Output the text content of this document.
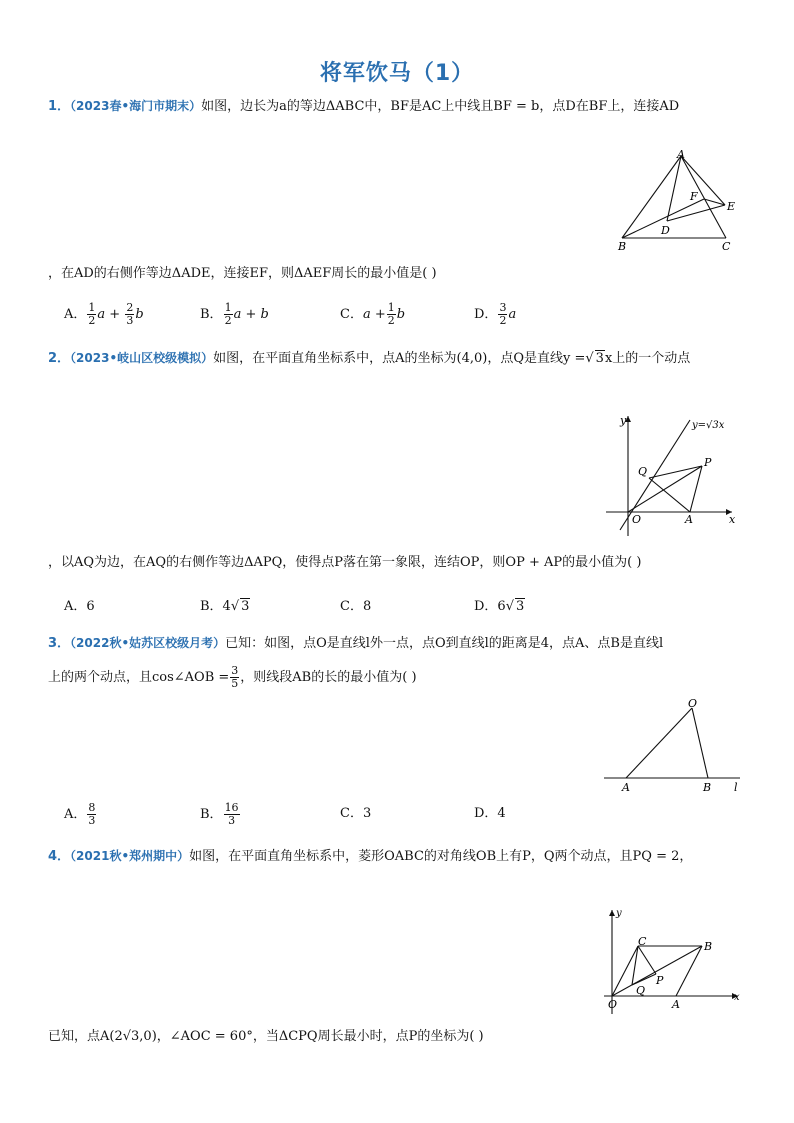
将军饮马（1）
1．（2023春•海门市期末）如图，边长为a的等边ΔABC中，BF是AC上中线且BF = b，点D在BF上，连接AD
A
F
E
D
B	C
，在AD的右侧作等边ΔADE，连接EF，则ΔAEF周长的最小值是( )
A． $\frac{1}{2}$ $a + \frac{2}{3}$ b	B． $\frac{1}{2}$ a + b	C．$a + \frac{1}{2}$ b	D． $\frac{3}{2}$ a
2．（2023•岐山区校级模拟）如图，在平面直角坐标系中，点A的坐标为(4,0)，点Q是直线y =√ 3x上的一个动点
y	y=√3x
Q
P
O	A	x
，以AQ为边，在AQ的右侧作等边ΔAPQ，使得点P落在第一象限，连结OP，则OP + AP的最小值为( )
A．6	B．4√ 3	C．8	D．6√ 3
3．（2022秋•姑苏区校级月考）已知：如图，点O是直线l外一点，点O到直线l的距离是4，点A、点B是直线l
上的两个动点，且cos∠AOB = $\frac{3}{5}$ ，则线段AB的长的最小值为( )
O
A	B l
A． $\frac{8}{3}$	B． $\frac{16}{3}$	C．3	D．4
4．（2021秋•郑州期中）如图，在平面直角坐标系中，菱形OABC的对角线OB上有P，Q两个动点，且PQ = 2，
y
C	B
Q
P
O	A
x
已知，点A(2√3,0)，∠AOC = 60°，当ΔCPQ周长最小时，点P的坐标为( )
